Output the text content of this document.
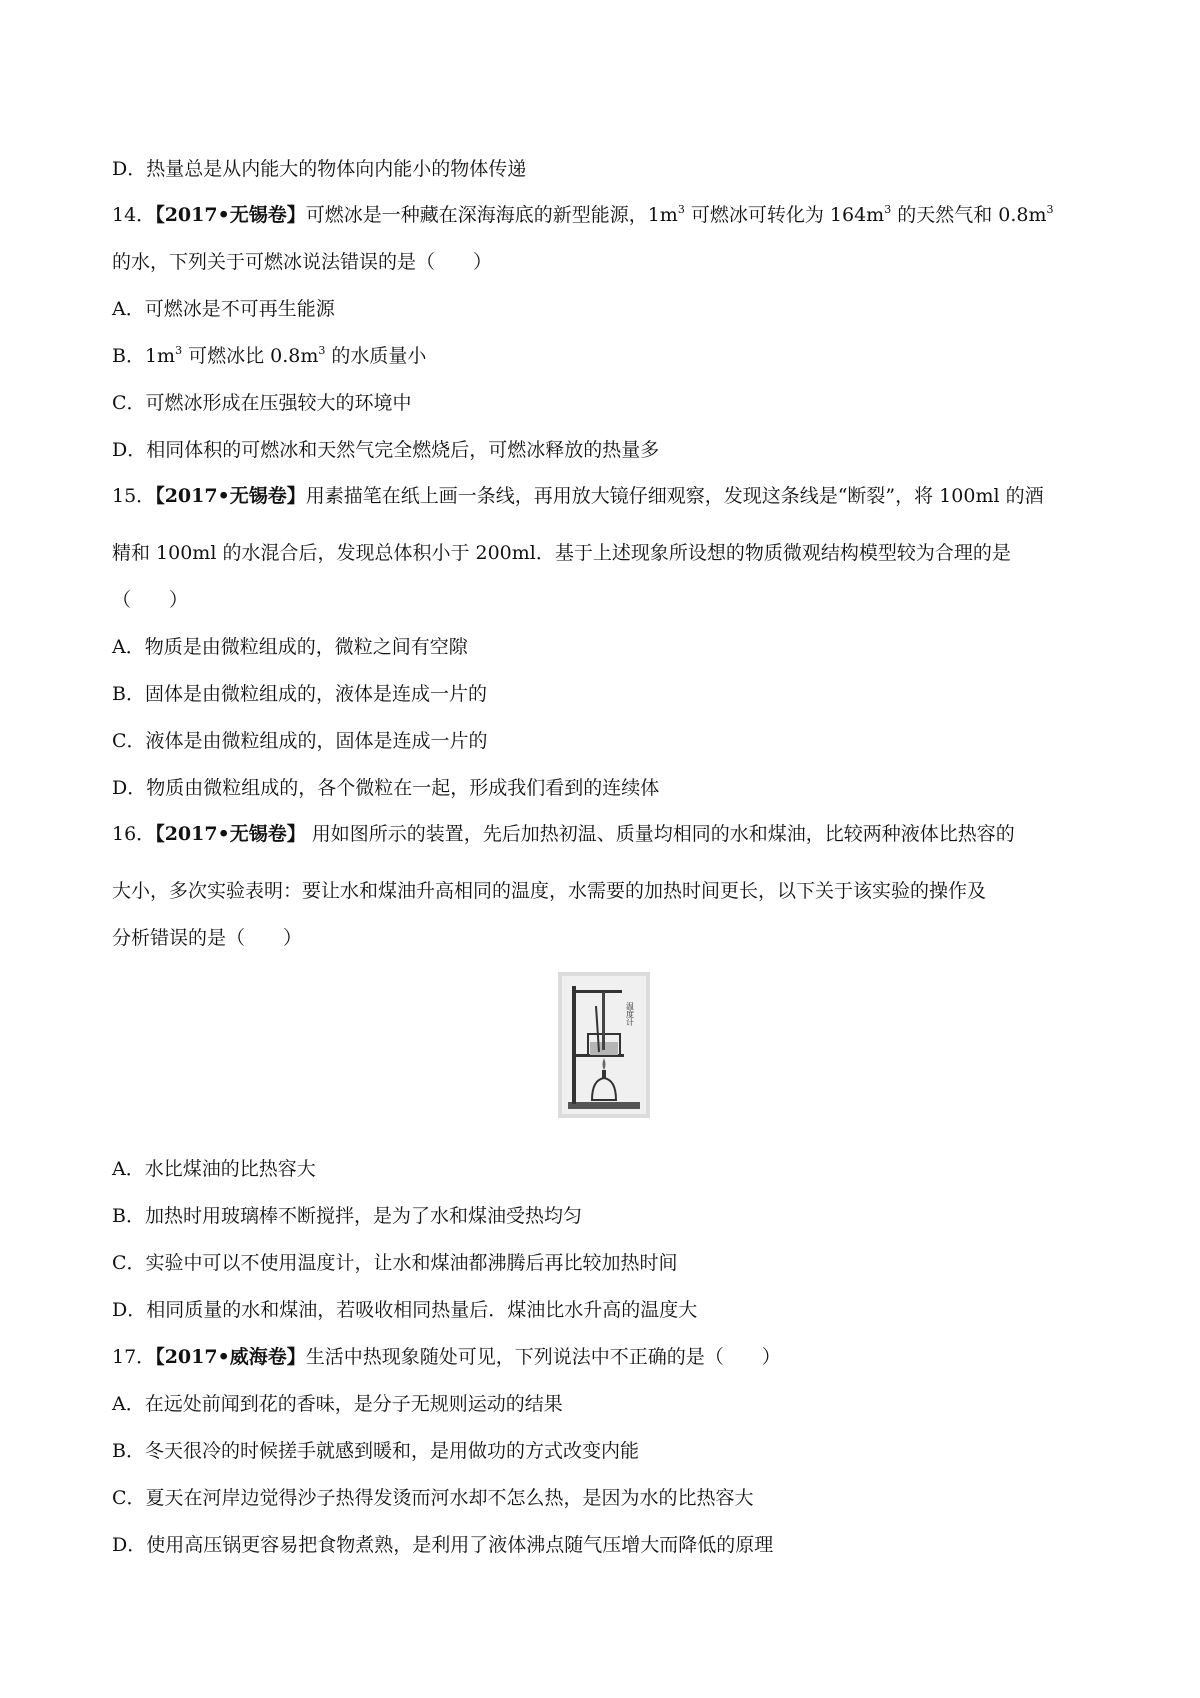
D．热量总是从内能大的物体向内能小的物体传递
14．【2017•无锡卷】可燃冰是一种藏在深海海底的新型能源，$1m^3$ 可燃冰可转化为 $164m^3$ 的天然气和 $0.8m^3$
的水，下列关于可燃冰说法错误的是（　　）
A．可燃冰是不可再生能源
B．$1m^3$ 可燃冰比 $0.8m^3$ 的水质量小
C．可燃冰形成在压强较大的环境中
D．相同体积的可燃冰和天然气完全燃烧后，可燃冰释放的热量多
15．【2017•无锡卷】用素描笔在纸上画一条线，再用放大镜仔细观察，发现这条线是“断裂”，将 100ml 的酒
精和 100ml 的水混合后，发现总体积小于 200ml．基于上述现象所设想的物质微观结构模型较为合理的是
（　　）
A．物质是由微粒组成的，微粒之间有空隙
B．固体是由微粒组成的，液体是连成一片的
C．液体是由微粒组成的，固体是连成一片的
D．物质由微粒组成的，各个微粒在一起，形成我们看到的连续体
16．【2017•无锡卷】 用如图所示的装置，先后加热初温、质量均相同的水和煤油，比较两种液体比热容的
大小，多次实验表明：要让水和煤油升高相同的温度，水需要的加热时间更长，以下关于该实验的操作及
分析错误的是（　　）
温度计
A．水比煤油的比热容大
B．加热时用玻璃棒不断搅拌，是为了水和煤油受热均匀
C．实验中可以不使用温度计，让水和煤油都沸腾后再比较加热时间
D．相同质量的水和煤油，若吸收相同热量后．煤油比水升高的温度大
17．【2017•威海卷】生活中热现象随处可见，下列说法中不正确的是（　　）
A．在远处前闻到花的香味，是分子无规则运动的结果
B．冬天很冷的时候搓手就感到暖和，是用做功的方式改变内能
C．夏天在河岸边觉得沙子热得发烫而河水却不怎么热，是因为水的比热容大
D．使用高压锅更容易把食物煮熟，是利用了液体沸点随气压增大而降低的原理
